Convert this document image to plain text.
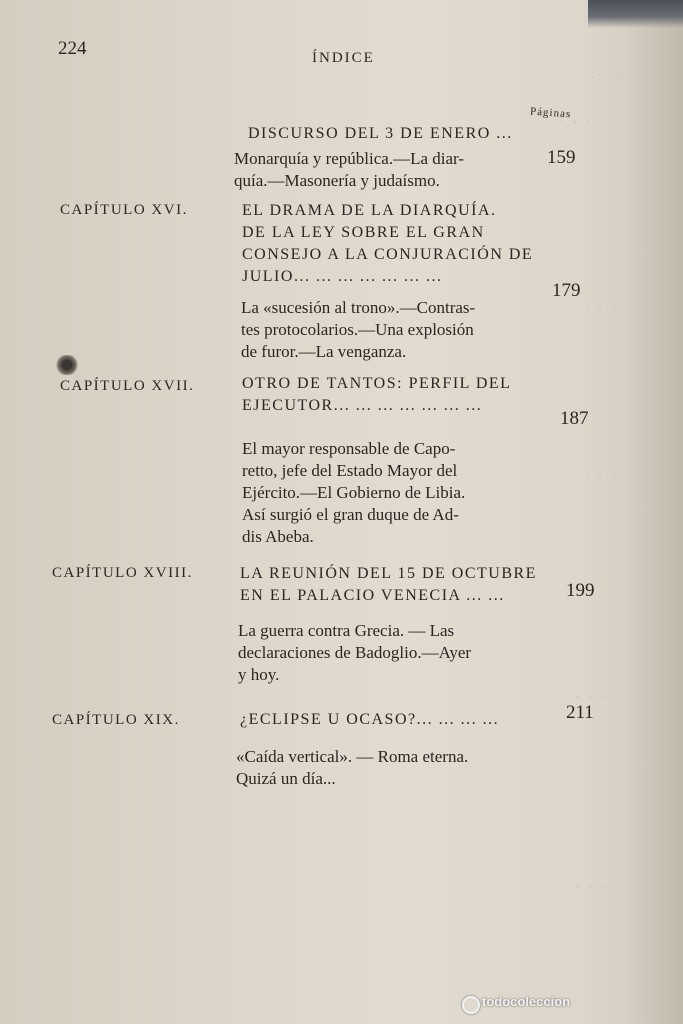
· · ·
· · ·
· · ·
· · ·
· · ·
· · ·
224	ÍNDICE
Páginas
DISCURSO DEL 3 DE ENERO ...
159
Monarquía y república.—La diar-
quía.—Masonería y judaísmo.
CAPÍTULO XVI.	EL DRAMA DE LA DIARQUÍA.
DE LA LEY SOBRE EL GRAN
CONSEJO A LA CONJURACIÓN DE
JULIO... ... ... ... ... ... ...
179
La «sucesión al trono».—Contras-
tes protocolarios.—Una explosión
de furor.—La venganza.
CAPÍTULO XVII.	OTRO DE TANTOS: PERFIL DEL
EJECUTOR... ... ... ... ... ... ...
187
El mayor responsable de Capo-
retto, jefe del Estado Mayor del
Ejército.—El Gobierno de Libia.
Así surgió el gran duque de Ad-
dis Abeba.
CAPÍTULO XVIII.	LA REUNIÓN DEL 15 DE OCTUBRE
EN EL PALACIO VENECIA ... ...	199
La guerra contra Grecia. — Las
declaraciones de Badoglio.—Ayer
y hoy.
CAPÍTULO XIX.	¿ECLIPSE U OCASO?... ... ... ...	211
«Caída vertical». — Roma eterna.
Quizá un día...
todocoleccion
